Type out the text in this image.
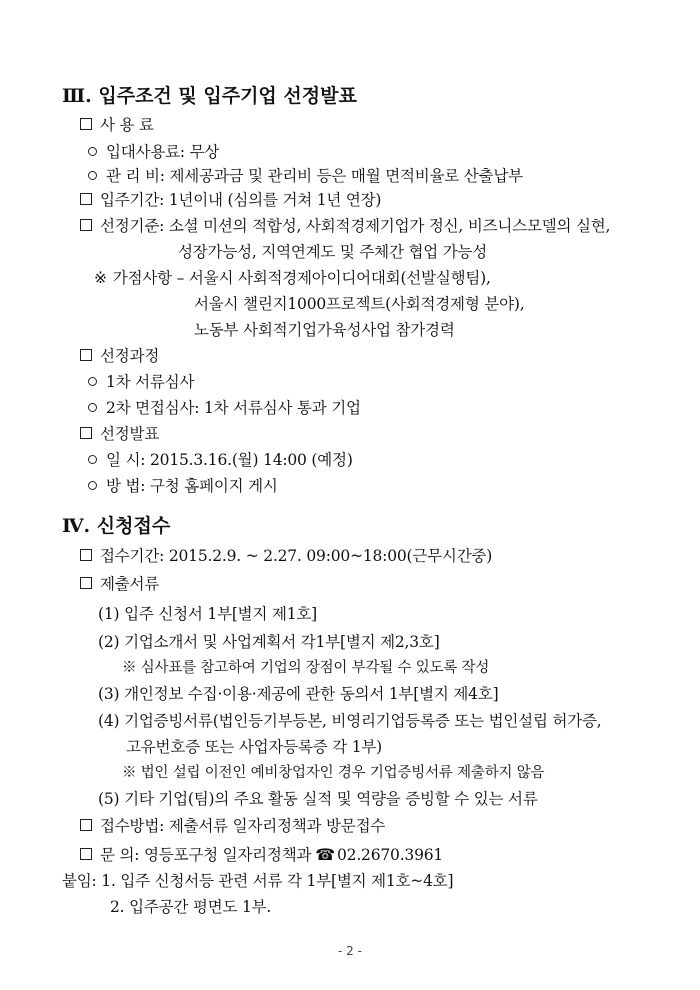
Ⅲ. 입주조건 및 입주기업 선정발표
사 용 료
입대사용료: 무상
관 리 비: 제세공과금 및 관리비 등은 매월 면적비율로 산출납부
입주기간: 1년이내 (심의를 거쳐 1년 연장)
선정기준: 소셜 미션의 적합성, 사회적경제기업가 정신, 비즈니스모델의 실현,
성장가능성, 지역연계도 및 주체간 협업 가능성
※ 가점사항 – 서울시 사회적경제아이디어대회(선발실행팀),
서울시 챌린지1000프로젝트(사회적경제형 분야),
노동부 사회적기업가육성사업 참가경력
선정과정
1차 서류심사
2차 면접심사: 1차 서류심사 통과 기업
선정발표
일 시: 2015.3.16.(월) 14:00 (예정)
방 법: 구청 홈페이지 게시
Ⅳ. 신청접수
접수기간: 2015.2.9. ~ 2.27. 09:00~18:00(근무시간중)
제출서류
(1) 입주 신청서 1부[별지 제1호]
(2) 기업소개서 및 사업계획서 각1부[별지 제2,3호]
※ 심사표를 참고하여 기업의 장점이 부각될 수 있도록 작성
(3) 개인정보 수집·이용·제공에 관한 동의서 1부[별지 제4호]
(4) 기업증빙서류(법인등기부등본, 비영리기업등록증 또는 법인설립 허가증,
고유번호증 또는 사업자등록증 각 1부)
※ 법인 설립 이전인 예비창업자인 경우 기업증빙서류 제출하지 않음
(5) 기타 기업(팀)의 주요 활동 실적 및 역량을 증빙할 수 있는 서류
접수방법: 제출서류 일자리정책과 방문접수
문 의: 영등포구청 일자리정책과 ☎ 02.2670.3961
붙임: 1. 입주 신청서등 관련 서류 각 1부[별지 제1호~4호]
2. 입주공간 평면도 1부.
- 2 -
